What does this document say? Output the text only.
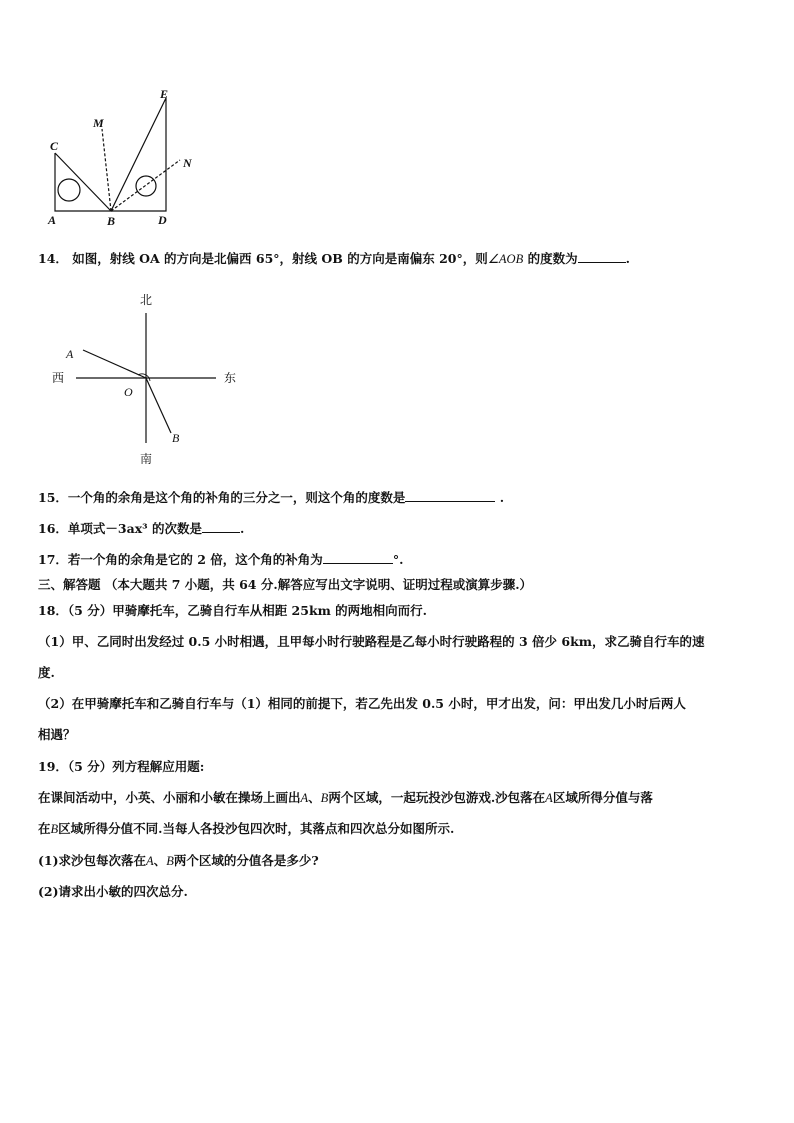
C
M
E
N
A	B	D
14． 如图，射线 OA 的方向是北偏西 65°，射线 OB 的方向是南偏东 20°，则∠AOB 的度数为	.
北
南
东
西
A
O
B
15．一个角的余角是这个角的补角的三分之一，则这个角的度数是	.
16．单项式－3ax³ 的次数是	.
17．若一个角的余角是它的 2 倍，这个角的补角为	°.
三、解答题 （本大题共 7 小题，共 64 分.解答应写出文字说明、证明过程或演算步骤.）
18．（5 分）甲骑摩托车，乙骑自行车从相距 25km 的两地相向而行.
（1）甲、乙同时出发经过 0.5 小时相遇，且甲每小时行驶路程是乙每小时行驶路程的 3 倍少 6km，求乙骑自行车的速
度.
（2）在甲骑摩托车和乙骑自行车与（1）相同的前提下，若乙先出发 0.5 小时，甲才出发，问：甲出发几小时后两人
相遇？
19．（5 分）列方程解应用题:
在课间活动中，小英、小丽和小敏在操场上画出A、B两个区域，一起玩投沙包游戏.沙包落在A区域所得分值与落
在B区域所得分值不同.当每人各投沙包四次时，其落点和四次总分如图所示.
(1)求沙包每次落在A、B两个区域的分值各是多少?
(2)请求出小敏的四次总分.
